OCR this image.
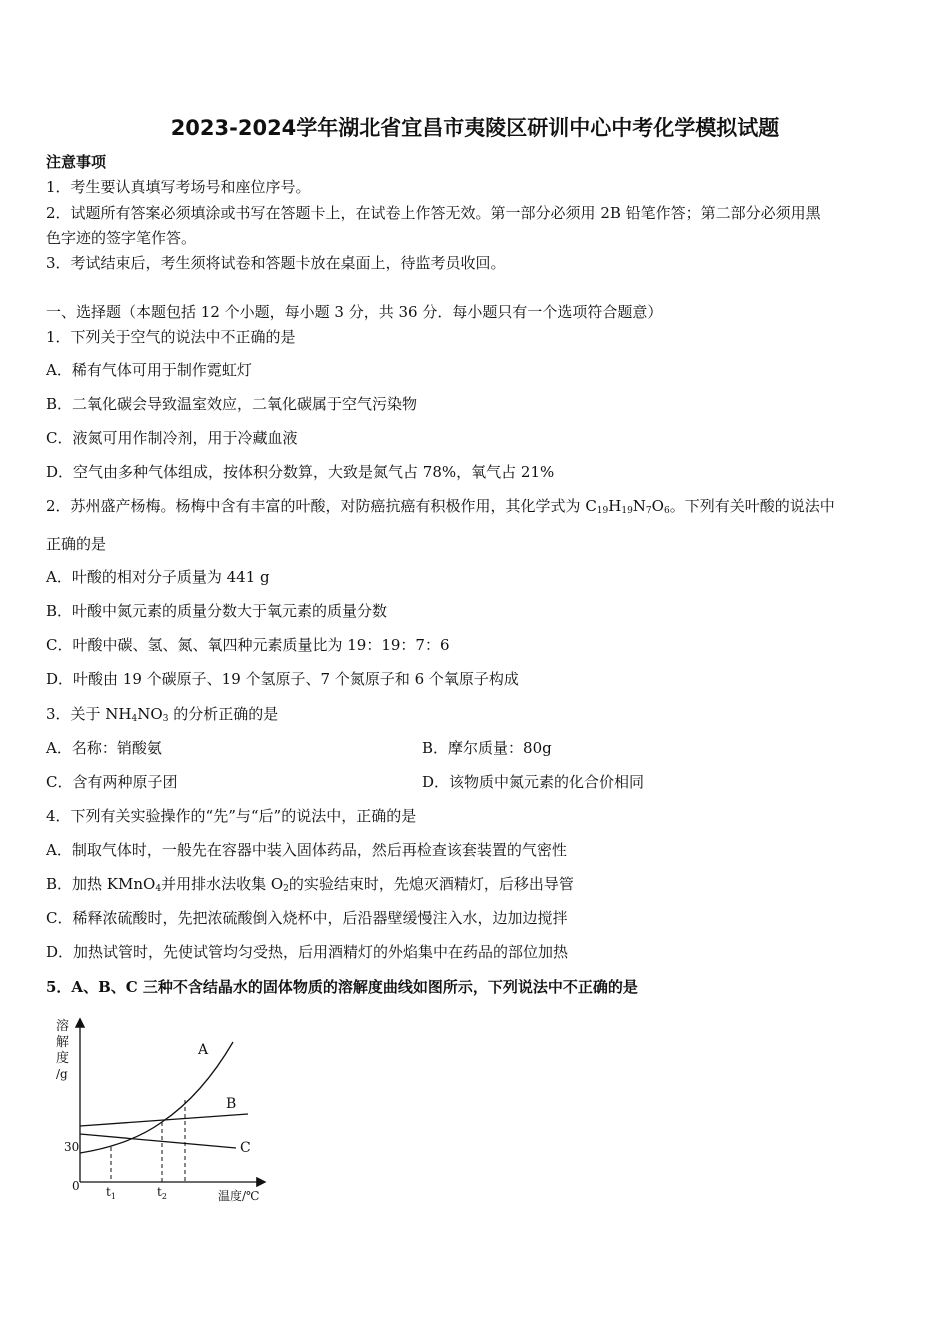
2023-2024学年湖北省宜昌市夷陵区研训中心中考化学模拟试题
注意事项
1．考生要认真填写考场号和座位序号。
2．试题所有答案必须填涂或书写在答题卡上，在试卷上作答无效。第一部分必须用 2B 铅笔作答；第二部分必须用黑
色字迹的签字笔作答。
3．考试结束后，考生须将试卷和答题卡放在桌面上，待监考员收回。
一、选择题（本题包括 12 个小题，每小题 3 分，共 36 分．每小题只有一个选项符合题意）
1．下列关于空气的说法中不正确的是
A．稀有气体可用于制作霓虹灯
B．二氧化碳会导致温室效应，二氧化碳属于空气污染物
C．液氮可用作制冷剂，用于冷藏血液
D．空气由多种气体组成，按体积分数算，大致是氮气占 78%，氧气占 21%
2．苏州盛产杨梅。杨梅中含有丰富的叶酸，对防癌抗癌有积极作用，其化学式为 $C_{19}H_{19}N_7O_6$。下列有关叶酸的说法中
正确的是
A．叶酸的相对分子质量为 441 g
B．叶酸中氮元素的质量分数大于氧元素的质量分数
C．叶酸中碳、氢、氮、氧四种元素质量比为 19：19：7：6
D．叶酸由 19 个碳原子、19 个氢原子、7 个氮原子和 6 个氧原子构成
3．关于 $NH_4NO_3$ 的分析正确的是
A．名称：销酸氨	B．摩尔质量：80g
C．含有两种原子团	D．该物质中氮元素的化合价相同
4．下列有关实验操作的“先”与“后”的说法中，正确的是
A．制取气体时，一般先在容器中装入固体药品，然后再检查该套装置的气密性
B．加热 KMnO$_4$并用排水法收集 $O_2$的实验结束时，先熄灭酒精灯，后移出导管
C．稀释浓硫酸时，先把浓硫酸倒入烧杯中，后沿器壁缓慢注入水，边加边搅拌
D．加热试管时，先使试管均匀受热，后用酒精灯的外焰集中在药品的部位加热
5．A、B、C 三种不含结晶水的固体物质的溶解度曲线如图所示，下列说法中不正确的是
溶
解
度
/g
30
0
A
B
C
$t_1$	$t_2$	温度/℃
